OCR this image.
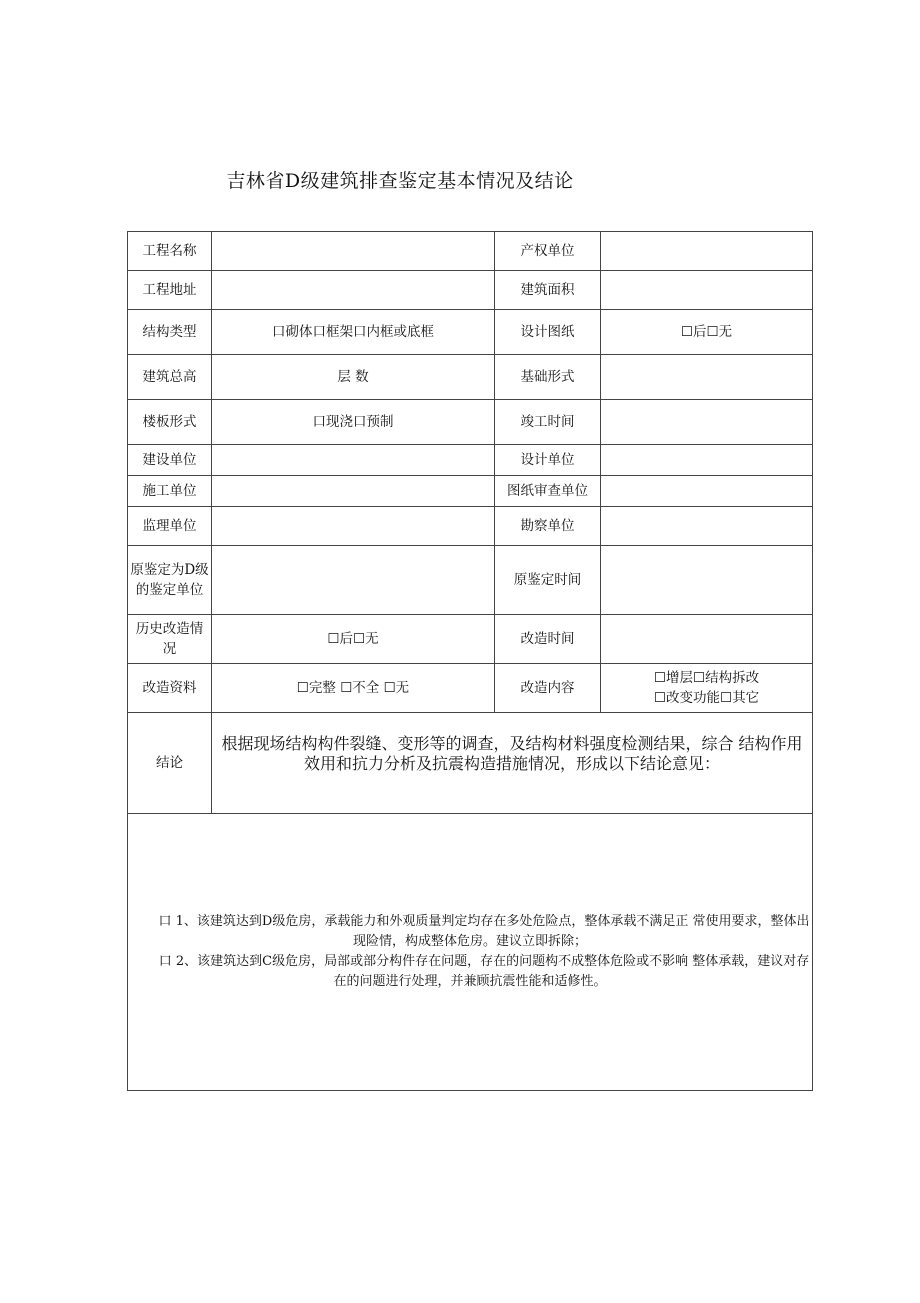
吉林省D级建筑排查鉴定基本情况及结论
工程名称		产权单位	
工程地址		建筑面积	
结构类型	口砌体口框架口内框或底框	设计图纸	☐后☐无
建筑总高	层 数	基础形式	
楼板形式	口现浇口预制	竣工时间	
建设单位		设计单位	
施工单位		图纸审查单位	
监理单位		勘察单位	
原鉴定为D级的鉴定单位		原鉴定时间	
历史改造情况	☐后☐无	改造时间	
改造资料	☐完整 ☐不全 ☐无	改造内容	☐增层☐结构拆改
☐改变功能☐其它

结论	根据现场结构构件裂缝、变形等的调查，及结构材料强度检测结果，综合 结构作用效用和抗力分析及抗震构造措施情况，形成以下结论意见：		

口 1、该建筑达到D级危房，承载能力和外观质量判定均存在多处危险点，整体承载不满足正 常使用要求，整体出现险情，构成整体危房。建议立即拆除；
口 2、该建筑达到C级危房，局部或部分构件存在问题，存在的问题构不成整体危险或不影响 整体承载，建议对存在的问题进行处理，并兼顾抗震性能和适修性。			
